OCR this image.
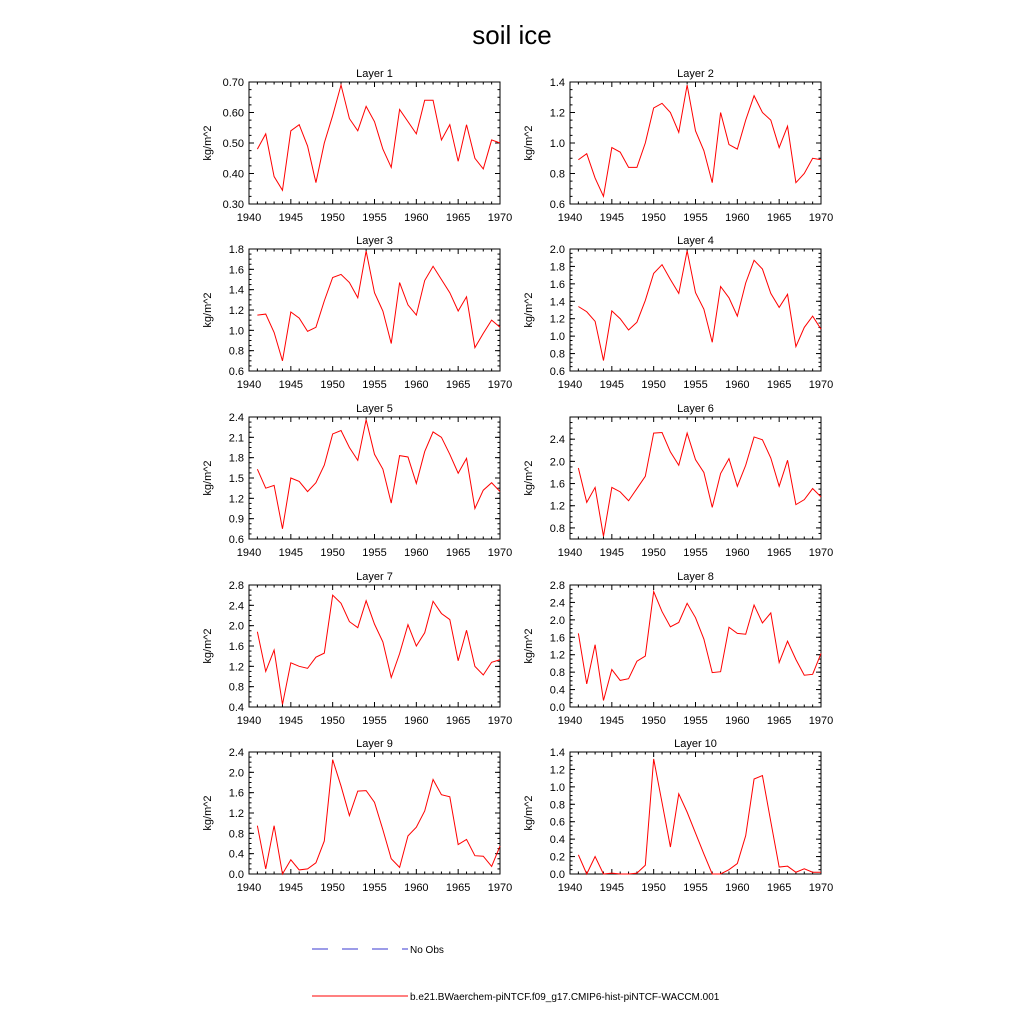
soil ice
Layer 1
kg/m^2
1940 1945 1950 1955 1960 1965 1970
0.30
0.40
0.50
0.60
0.70
Layer 2
kg/m^2
1940 1945 1950 1955 1960 1965 1970
0.6
0.8
1.0
1.2
1.4
Layer 3
kg/m^2
1940 1945 1950 1955 1960 1965 1970
0.6
0.8
1.0
1.2
1.4
1.6
1.8
Layer 4
kg/m^2
1940 1945 1950 1955 1960 1965 1970
0.6
0.8
1.0
1.2
1.4
1.6
1.8
2.0
Layer 5
kg/m^2
1940 1945 1950 1955 1960 1965 1970
0.6
0.9
1.2
1.5
1.8
2.1
2.4
Layer 6
kg/m^2
1940 1945 1950 1955 1960 1965 1970
0.8
1.2
1.6
2.0
2.4
Layer 7
kg/m^2
1940 1945 1950 1955 1960 1965 1970
0.4
0.8
1.2
1.6
2.0
2.4
2.8
Layer 8
kg/m^2
1940 1945 1950 1955 1960 1965 1970
0.0
0.4
0.8
1.2
1.6
2.0
2.4
2.8
Layer 9
kg/m^2
1940 1945 1950 1955 1960 1965 1970
0.0
0.4
0.8
1.2
1.6
2.0
2.4
Layer 10
kg/m^2
1940 1945 1950 1955 1960 1965 1970
0.0
0.2
0.4
0.6
0.8
1.0
1.2
1.4
No Obs
b.e21.BWaerchem-piNTCF.f09_g17.CMIP6-hist-piNTCF-WACCM.001
